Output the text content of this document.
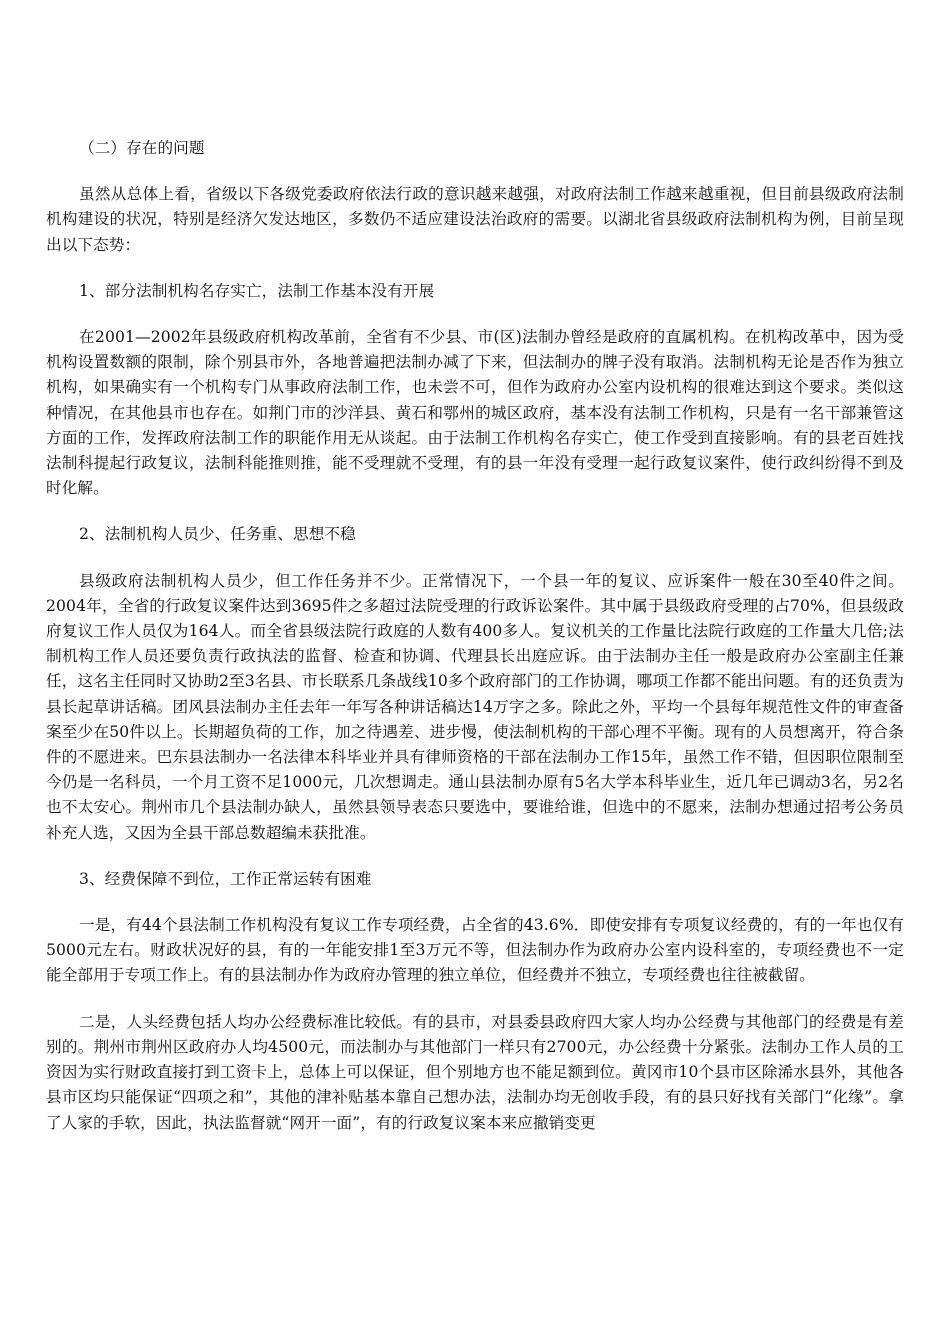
（二）存在的问题

虽然从总体上看，省级以下各级党委政府依法行政的意识越来越强，对政府法制工作越来越重视，但目前县级政府法制机构建设的状况，特别是经济欠发达地区，多数仍不适应建设法治政府的需要。以湖北省县级政府法制机构为例，目前呈现出以下态势：

1、部分法制机构名存实亡，法制工作基本没有开展

在2001—2002年县级政府机构改革前，全省有不少县、市(区)法制办曾经是政府的直属机构。在机构改革中，因为受机构设置数额的限制，除个别县市外，各地普遍把法制办减了下来，但法制办的牌子没有取消。法制机构无论是否作为独立机构，如果确实有一个机构专门从事政府法制工作，也未尝不可，但作为政府办公室内设机构的很难达到这个要求。类似这种情况，在其他县市也存在。如荆门市的沙洋县、黄石和鄂州的城区政府，基本没有法制工作机构，只是有一名干部兼管这方面的工作，发挥政府法制工作的职能作用无从谈起。由于法制工作机构名存实亡，使工作受到直接影响。有的县老百姓找法制科提起行政复议，法制科能推则推，能不受理就不受理，有的县一年没有受理一起行政复议案件，使行政纠纷得不到及时化解。

2、法制机构人员少、任务重、思想不稳

县级政府法制机构人员少，但工作任务并不少。正常情况下，一个县一年的复议、应诉案件一般在30至40件之间。2004年，全省的行政复议案件达到3695件之多超过法院受理的行政诉讼案件。其中属于县级政府受理的占70%，但县级政府复议工作人员仅为164人。而全省县级法院行政庭的人数有400多人。复议机关的工作量比法院行政庭的工作量大几倍;法制机构工作人员还要负责行政执法的监督、检查和协调、代理县长出庭应诉。由于法制办主任一般是政府办公室副主任兼任，这名主任同时又协助2至3名县、市长联系几条战线10多个政府部门的工作协调，哪项工作都不能出问题。有的还负责为县长起草讲话稿。团风县法制办主任去年一年写各种讲话稿达14万字之多。除此之外，平均一个县每年规范性文件的审查备案至少在50件以上。长期超负荷的工作，加之待遇差、进步慢，使法制机构的干部心理不平衡。现有的人员想离开，符合条件的不愿进来。巴东县法制办一名法律本科毕业并具有律师资格的干部在法制办工作15年，虽然工作不错，但因职位限制至今仍是一名科员，一个月工资不足1000元，几次想调走。通山县法制办原有5名大学本科毕业生，近几年已调动3名，另2名也不太安心。荆州市几个县法制办缺人，虽然县领导表态只要选中，要谁给谁，但选中的不愿来，法制办想通过招考公务员补充人选，又因为全县干部总数超编未获批准。

3、经费保障不到位，工作正常运转有困难

一是，有44个县法制工作机构没有复议工作专项经费，占全省的43.6%．即使安排有专项复议经费的，有的一年也仅有5000元左右。财政状况好的县，有的一年能安排1至3万元不等，但法制办作为政府办公室内设科室的，专项经费也不一定能全部用于专项工作上。有的县法制办作为政府办管理的独立单位，但经费并不独立，专项经费也往往被截留。

二是，人头经费包括人均办公经费标准比较低。有的县市，对县委县政府四大家人均办公经费与其他部门的经费是有差别的。荆州市荆州区政府办人均4500元，而法制办与其他部门一样只有2700元，办公经费十分紧张。法制办工作人员的工资因为实行财政直接打到工资卡上，总体上可以保证，但个别地方也不能足额到位。黄冈市10个县市区除浠水县外，其他各县市区均只能保证“四项之和”，其他的津补贴基本靠自己想办法，法制办均无创收手段，有的县只好找有关部门“化缘”。拿了人家的手软，因此，执法监督就“网开一面”，有的行政复议案本来应撤销变更
